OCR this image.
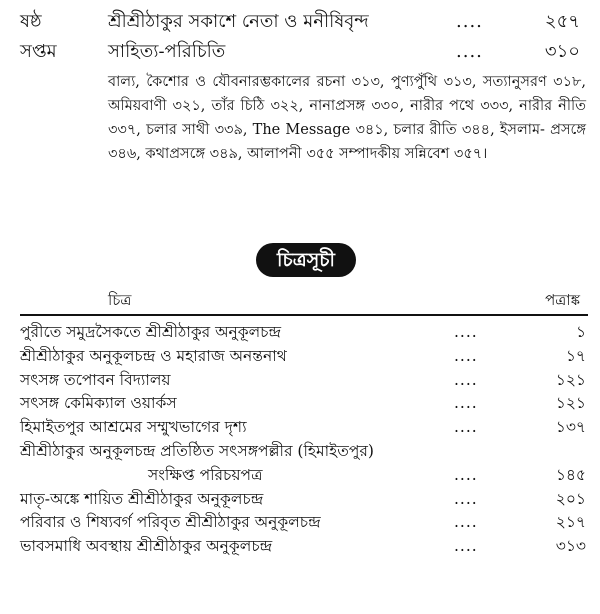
ষষ্ঠ	শ্রীশ্রীঠাকুর সকাশে নেতা ও মনীষিবৃন্দ	....	২৫৭
সপ্তম	সাহিত্য-পরিচিতি	....	৩১০

বাল্য, কৈশোর ও যৌবনারম্ভকালের রচনা ৩১৩, পুণ্যপুঁথি ৩১৩, সত্যানুসরণ ৩১৮, অমিয়বাণী ৩২১, তাঁর চিঠি ৩২২, নানাপ্রসঙ্গ ৩৩০, নারীর পথে ৩৩৩, নারীর নীতি ৩৩৭, চলার সাথী ৩৩৯, The Message ৩৪১, চলার রীতি ৩৪৪, ইসলাম- প্রসঙ্গে ৩৪৬, কথাপ্রসঙ্গে ৩৪৯, আলাপনী ৩৫৫ সম্পাদকীয় সন্নিবেশ ৩৫৭।

চিত্রসূচী
চিত্র	পত্রাঙ্ক
পুরীতে সমুদ্রসৈকতে শ্রীশ্রীঠাকুর অনুকূলচন্দ্র	....	১
শ্রীশ্রীঠাকুর অনুকূলচন্দ্র ও মহারাজ অনন্তনাথ	....	১৭
সৎসঙ্গ তপোবন বিদ্যালয়	....	১২১
সৎসঙ্গ কেমিক্যাল ওয়ার্কস	....	১২১
হিমাইতপুর আশ্রমের সম্মুখভাগের দৃশ্য	....	১৩৭
শ্রীশ্রীঠাকুর অনুকূলচন্দ্র প্রতিষ্ঠিত সৎসঙ্গপল্লীর (হিমাইতপুর)
সংক্ষিপ্ত পরিচয়পত্র	....	১৪৫
মাতৃ-অঙ্কে শায়িত শ্রীশ্রীঠাকুর অনুকূলচন্দ্র	....	২০১
পরিবার ও শিষ্যবর্গ পরিবৃত শ্রীশ্রীঠাকুর অনুকূলচন্দ্র	....	২১৭
ভাবসমাধি অবস্থায় শ্রীশ্রীঠাকুর অনুকূলচন্দ্র	....	৩১৩
